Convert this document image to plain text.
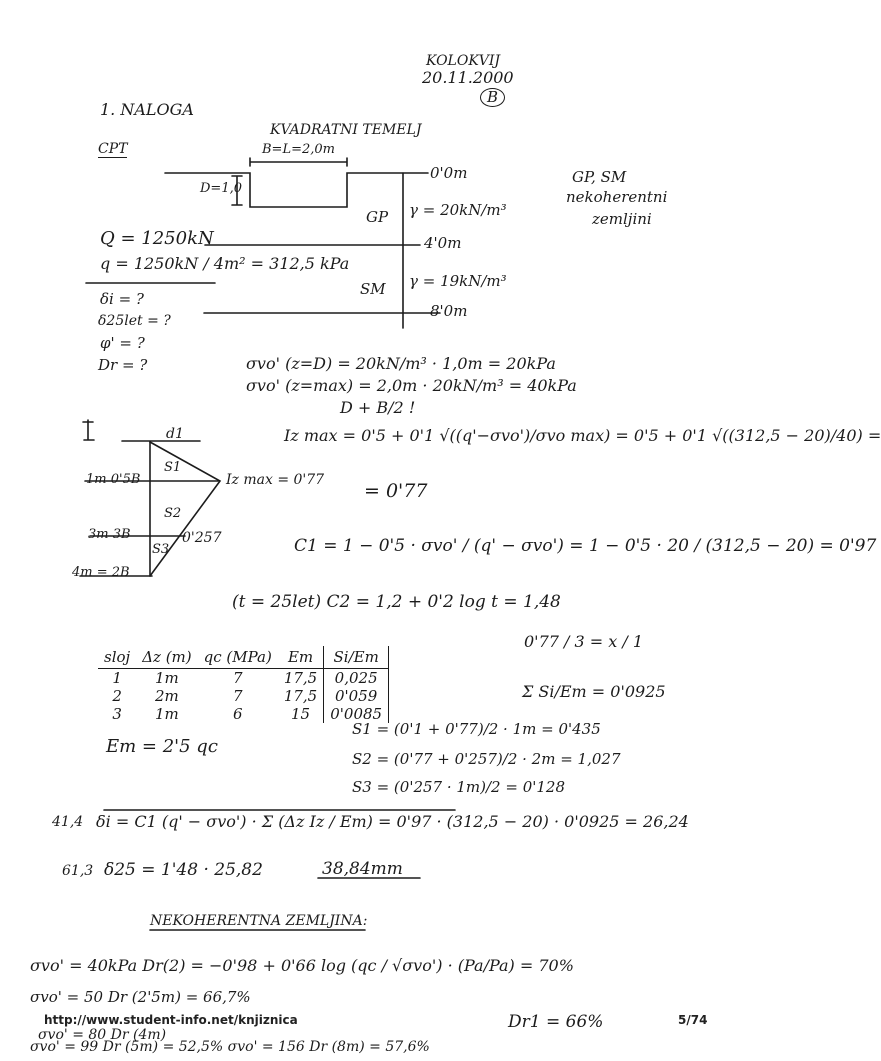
KOLOKVIJ
20.11.2000
B
1. NALOGA
KVADRATNI TEMELJ
CPT	B=L=2,0m
D=1,0
GP, SM
nekoherentni
zemljini
0'0m
4'0m
8'0m
GP γ = 20kN/m³
SM γ = 19kN/m³
Q = 1250kN
q = 1250kN / 4m² = 312,5 kPa
δi = ?
δ25let = ?
φ' = ?
Dr = ?	σvo' (z=D) = 20kN/m³ · 1,0m = 20kPa
σvo' (z=max) = 2,0m · 20kN/m³ = 40kPa
D + B/2 !
Iz max = 0'5 + 0'1 √((q'−σvo')/σvo max) = 0'5 + 0'1 √((312,5 − 20)/40) =
= 0'77
d1
1m 0'5B
3m 3B
4m = 2B
S1
S2
S3
Iz max = 0'77
0'257	C1 = 1 − 0'5 · σvo' / (q' − σvo') = 1 − 0'5 · 20 / (312,5 − 20) = 0'97
(t = 25let) C2 = 1,2 + 0'2 log t = 1,48
sloj	Δz (m)	qc (MPa)	Em	Si/Em
1	1m	7	17,5	0,025
2	2m	7	17,5	0'059
3	1m	6	15	0'0085
0'77 / 3 = x / 1
Σ Si/Em = 0'0925
Em = 2'5 qc
S1 = (0'1 + 0'77)/2 · 1m = 0'435
S2 = (0'77 + 0'257)/2 · 2m = 1,027
S3 = (0'257 · 1m)/2 = 0'128
41,4 δi = C1 (q' − σvo') · Σ (Δz Iz / Em) = 0'97 · (312,5 − 20) · 0'0925 = 26,24
61,3 δ25 = 1'48 · 25,82	38,84mm
NEKOHERENTNA ZEMLJINA:
σvo' = 40kPa Dr(2) = −0'98 + 0'66 log (qc / √σvo') · (Pa/Pa) = 70%
σvo' = 50 Dr (2'5m) = 66,7%
σvo' = 80 Dr (4m)
Dr1 = 66%
σvo' = 99 Dr (5m) = 52,5% σvo' = 156 Dr (8m) = 57,6%
http://www.student-info.net/knjiznica	5/74
